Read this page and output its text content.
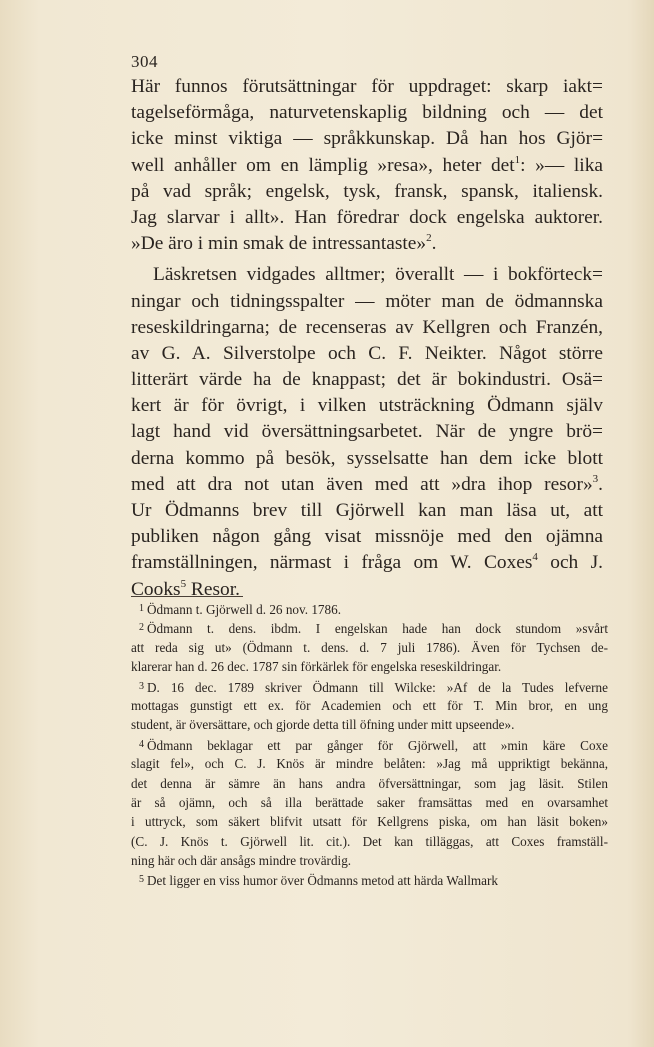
304
Här funnos förutsättningar för uppdraget: skarp iakt=
tagelseförmåga, naturvetenskaplig bildning och — det
icke minst viktiga — språkkunskap. Då han hos Gjör=
well anhåller om en lämplig »resa», heter $\det^1$: »— lika
på vad språk; engelsk, tysk, fransk, spansk, italiensk.
Jag slarvar i allt». Han föredrar dock engelska auktorer.
»De äro i min smak de intressantaste»$^2$.
Läskretsen vidgades alltmer; överallt — i bokförteck=
ningar och tidningsspalter — möter man de ödmannska
reseskildringarna; de recenseras av Kellgren och Franzén,
av G. A. Silverstolpe och C. F. Neikter. Något större
litterärt värde ha de knappast; det är bokindustri. Osä=
kert är för övrigt, i vilken utsträckning Ödmann själv
lagt hand vid översättningsarbetet. När de yngre brö=
derna kommo på besök, sysselsatte han dem icke blott
med att dra not utan även med att »dra ihop resor»$^3$.
Ur Ödmanns brev till Gjörwell kan man läsa ut, att
publiken någon gång visat missnöje med den ojämna
framställningen, närmast i fråga om W. Coxes$^4$ och J.
Cooks$^5$ Resor.
$^1$ Ödmann t. Gjörwell d. 26 nov. 1786.
$^2$ Ödmann t. dens. ibdm. I engelskan hade han dock stundom »svårt
att reda sig ut» (Ödmann t. dens. d. 7 juli 1786). Även för Tychsen de-
klarerar han d. 26 dec. 1787 sin förkärlek för engelska reseskildringar.
$^3$ D. 16 dec. 1789 skriver Ödmann till Wilcke: »Af de la Tudes lefverne
mottagas gunstigt ett ex. för Academien och ett för T. Min bror, en ung
student, är översättare, och gjorde detta till öfning under mitt upseende».
$^4$ Ödmann beklagar ett par gånger för Gjörwell, att »min käre Coxe
slagit fel», och C. J. Knös är mindre belåten: »Jag må uppriktigt bekänna,
det denna är sämre än hans andra öfversättningar, som jag läsit. Stilen
är så ojämn, och så illa berättade saker framsättas med en ovarsamhet
i uttryck, som säkert blifvit utsatt för Kellgrens piska, om han läsit boken»
(C. J. Knös t. Gjörwell lit. cit.). Det kan tilläggas, att Coxes framställ-
ning här och där ansågs mindre trovärdig.
$^5$ Det ligger en viss humor över Ödmanns metod att härda Wallmark
